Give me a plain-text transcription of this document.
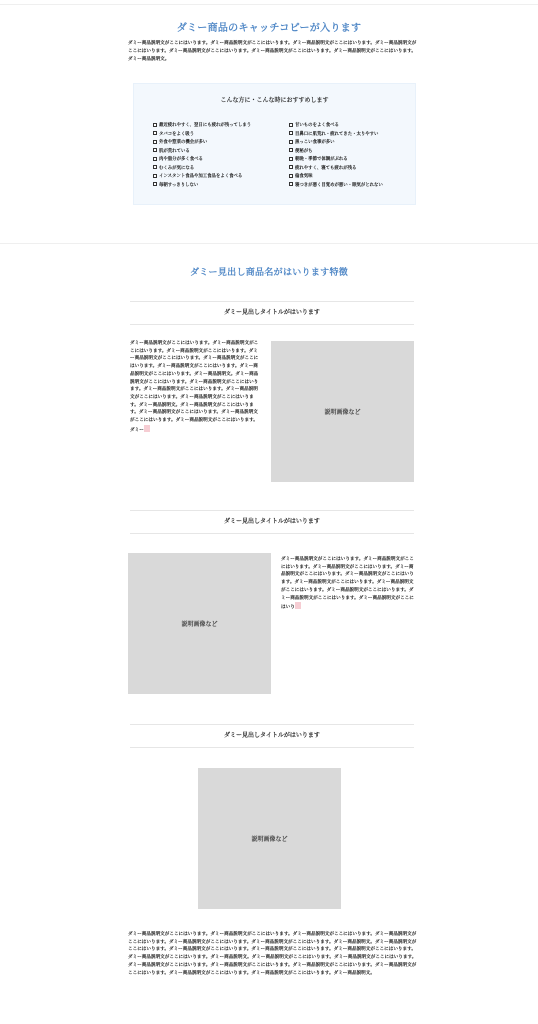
ダミー商品のキャッチコピーが入ります
ダミー商品説明文がここにはいります。ダミー商品説明文がここにはいります。ダミー商品説明文がここにはいります。ダミー商品説明文がここにはいります。ダミー商品説明文がここにはいります。ダミー商品説明文がここにはいります。ダミー商品説明文がここにはいります。ダミー商品説明文。
こんな方に・こんな時におすすめします
最近疲れやすく、翌日にも疲れが残ってしまう
タバコをよく吸う
外食や惣菜の機会が多い
肌が荒れている
肉や脂分が多く食べる
むくみが気になる
インスタント食品や加工食品をよく食べる
毎朝すっきりしない
甘いものをよく食べる
目鼻口に肌荒れ・疲れてきた・太りやすい
黒っこい食事が多い
便秘がち
朝晩・季節で体調がぶれる
疲れやすく、寝ても疲れが残る
偏食気味
寝つきが悪く目覚めが悪い・眠気がとれない
ダミー見出し商品名がはいります特徴
ダミー見出しタイトルがはいります
ダミー商品説明文がここにはいります。ダミー商品説明文がここにはいります。ダミー商品説明文がここにはいります。ダミー商品説明文がここにはいります。ダミー商品説明文がここにはいります。ダミー商品説明文がここにはいります。ダミー商品説明文がここにはいります。ダミー商品説明文。ダミー商品説明文がここにはいります。ダミー商品説明文がここにはいります。ダミー商品説明文がここにはいります。ダミー商品説明文がここにはいります。ダミー商品説明文がここにはいります。ダミー商品説明文。ダミー商品説明文がここにはいります。ダミー商品説明文がここにはいります。ダミー商品説明文がここにはいります。ダミー商品説明文がここにはいります。ダミー
説明画像など
ダミー見出しタイトルがはいります
説明画像など
ダミー商品説明文がここにはいります。ダミー商品説明文がここにはいります。ダミー商品説明文がここにはいります。ダミー商品説明文がここにはいります。ダミー商品説明文がここにはいります。ダミー商品説明文がここにはいります。ダミー商品説明文がここにはいります。ダミー商品説明文がここにはいります。ダミー商品説明文がここにはいります。ダミー商品説明文がここにはいり
ダミー見出しタイトルがはいります
説明画像など
ダミー商品説明文がここにはいります。ダミー商品説明文がここにはいります。ダミー商品説明文がここにはいります。ダミー商品説明文がここにはいります。ダミー商品説明文がここにはいります。ダミー商品説明文がここにはいります。ダミー商品説明文。ダミー商品説明文がここにはいります。ダミー商品説明文がここにはいります。ダミー商品説明文がここにはいります。ダミー商品説明文がここにはいります。ダミー商品説明文がここにはいります。ダミー商品説明文。ダミー商品説明文がここにはいります。ダミー商品説明文がここにはいります。ダミー商品説明文がここにはいります。ダミー商品説明文がここにはいります。ダミー商品説明文がここにはいります。ダミー商品説明文がここにはいります。ダミー商品説明文がここにはいります。ダミー商品説明文がここにはいります。ダミー商品説明文。
